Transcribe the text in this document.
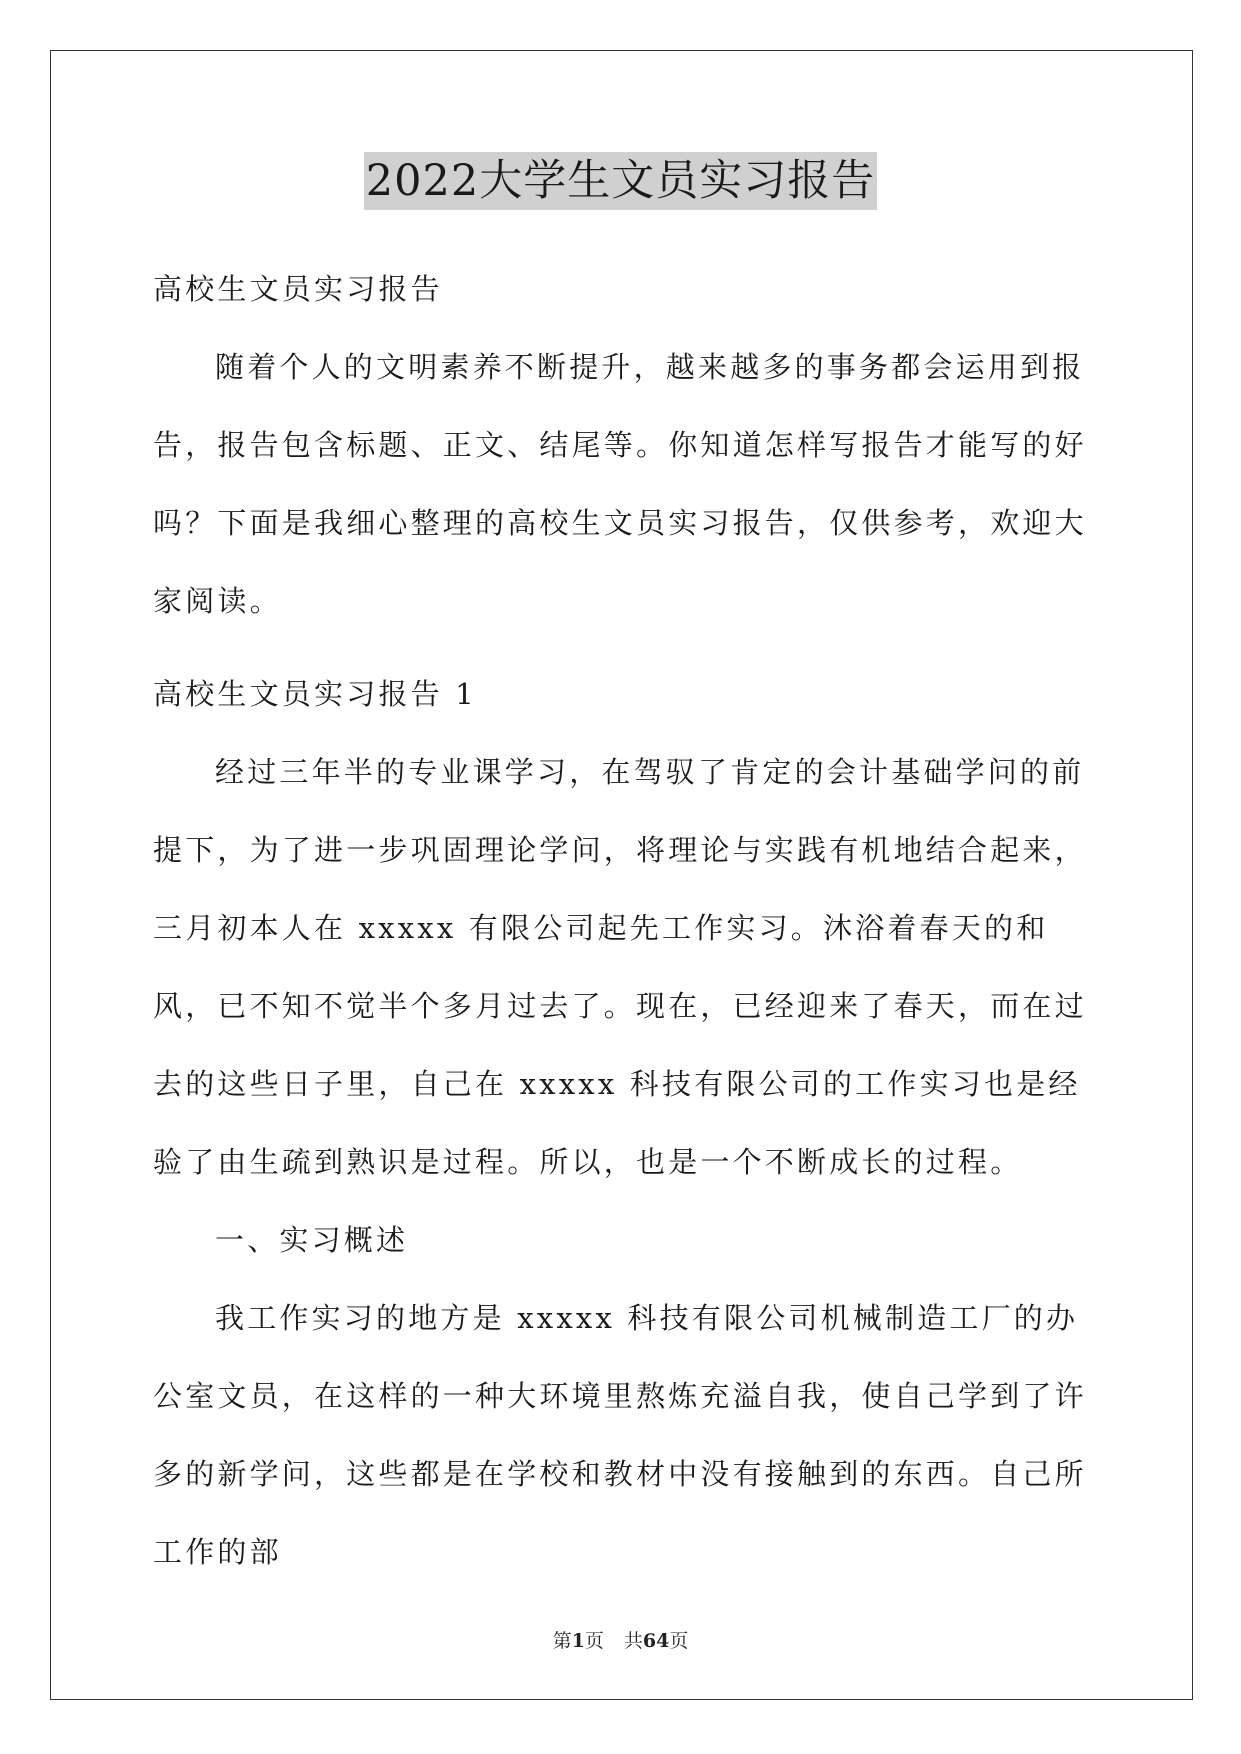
2022大学生文员实习报告

高校生文员实习报告

随着个人的文明素养不断提升，越来越多的事务都会运用到报告，报告包含标题、正文、结尾等。你知道怎样写报告才能写的好吗？下面是我细心整理的高校生文员实习报告，仅供参考，欢迎大家阅读。

高校生文员实习报告 1

经过三年半的专业课学习，在驾驭了肯定的会计基础学问的前提下，为了进一步巩固理论学问，将理论与实践有机地结合起来，三月初本人在 xxxxx 有限公司起先工作实习。沐浴着春天的和风，已不知不觉半个多月过去了。现在，已经迎来了春天，而在过去的这些日子里，自己在 xxxxx 科技有限公司的工作实习也是经验了由生疏到熟识是过程。所以，也是一个不断成长的过程。

一、实习概述

我工作实习的地方是 xxxxx 科技有限公司机械制造工厂的办公室文员，在这样的一种大环境里熬炼充溢自我，使自己学到了许多的新学问，这些都是在学校和教材中没有接触到的东西。自己所工作的部

第1页 共64页
